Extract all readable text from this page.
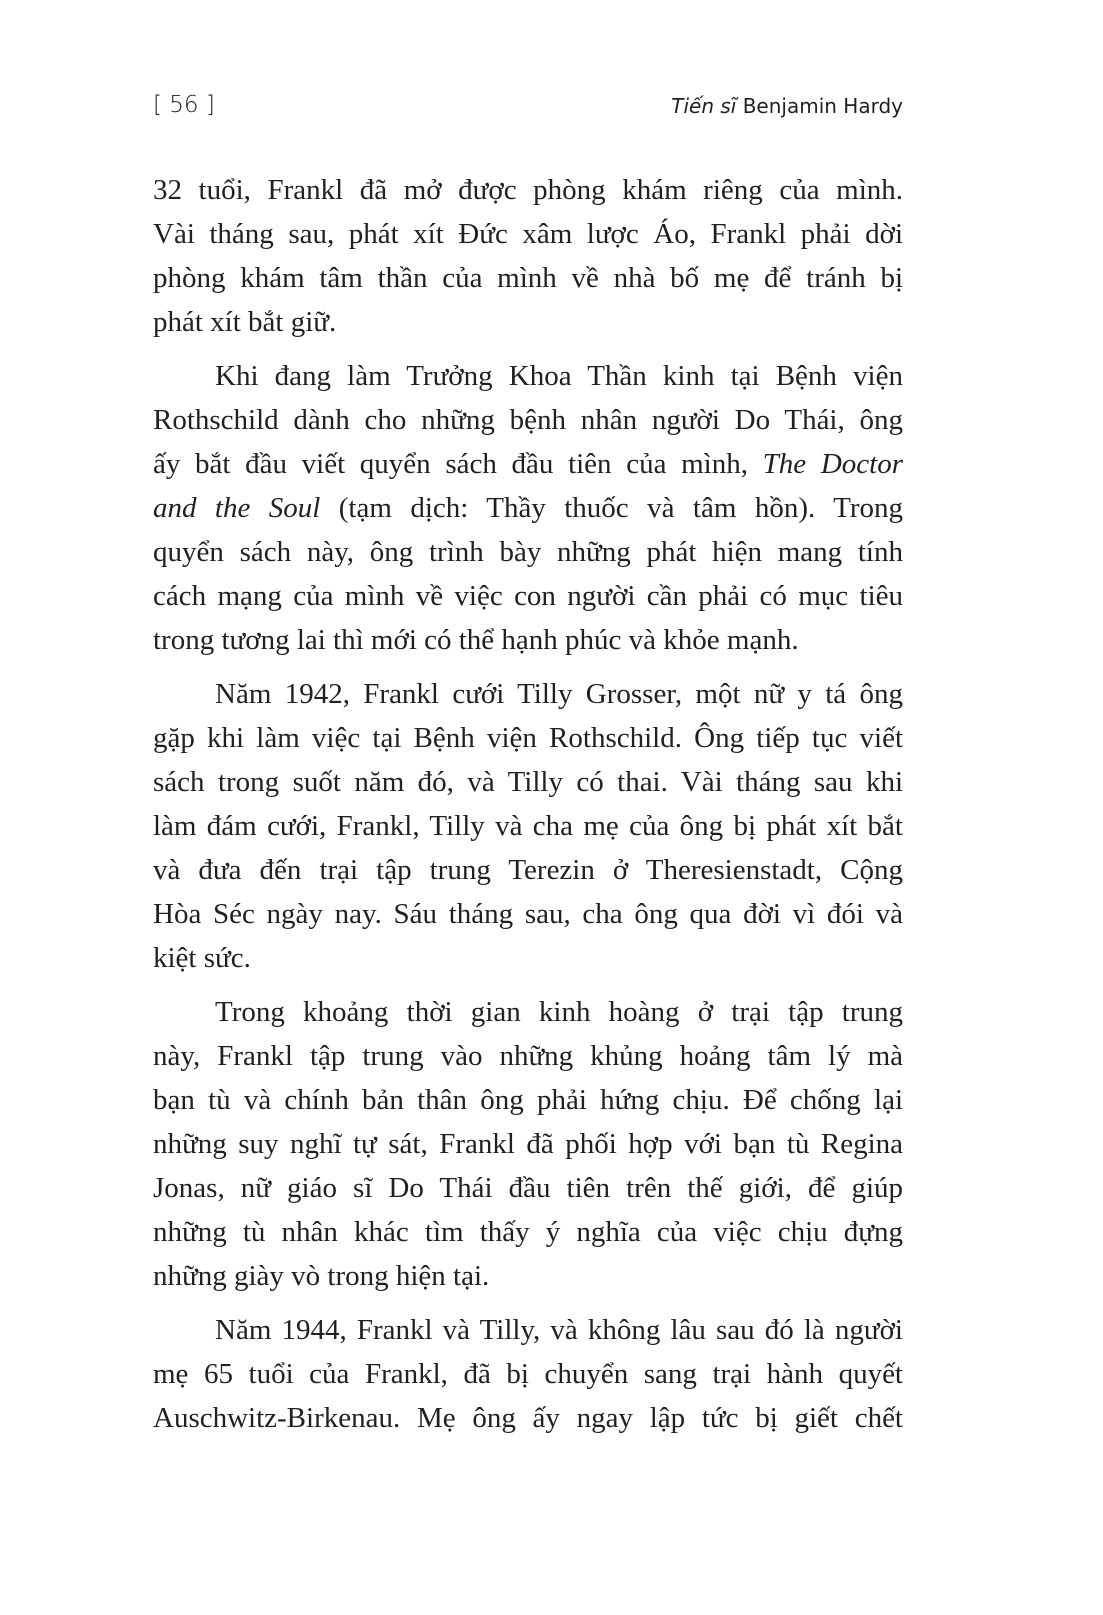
[ 56 ]	Tiến sĩ Benjamin Hardy
32 tuổi, Frankl đã mở được phòng khám riêng của mình.
Vài tháng sau, phát xít Đức xâm lược Áo, Frankl phải dời
phòng khám tâm thần của mình về nhà bố mẹ để tránh bị
phát xít bắt giữ.
Khi đang làm Trưởng Khoa Thần kinh tại Bệnh viện
Rothschild dành cho những bệnh nhân người Do Thái, ông
ấy bắt đầu viết quyển sách đầu tiên của mình, The Doctor
and the Soul (tạm dịch: Thầy thuốc và tâm hồn). Trong
quyển sách này, ông trình bày những phát hiện mang tính
cách mạng của mình về việc con người cần phải có mục tiêu
trong tương lai thì mới có thể hạnh phúc và khỏe mạnh.
Năm 1942, Frankl cưới Tilly Grosser, một nữ y tá ông
gặp khi làm việc tại Bệnh viện Rothschild. Ông tiếp tục viết
sách trong suốt năm đó, và Tilly có thai. Vài tháng sau khi
làm đám cưới, Frankl, Tilly và cha mẹ của ông bị phát xít bắt
và đưa đến trại tập trung Terezin ở Theresienstadt, Cộng
Hòa Séc ngày nay. Sáu tháng sau, cha ông qua đời vì đói và
kiệt sức.
Trong khoảng thời gian kinh hoàng ở trại tập trung
này, Frankl tập trung vào những khủng hoảng tâm lý mà
bạn tù và chính bản thân ông phải hứng chịu. Để chống lại
những suy nghĩ tự sát, Frankl đã phối hợp với bạn tù Regina
Jonas, nữ giáo sĩ Do Thái đầu tiên trên thế giới, để giúp
những tù nhân khác tìm thấy ý nghĩa của việc chịu đựng
những giày vò trong hiện tại.
Năm 1944, Frankl và Tilly, và không lâu sau đó là người
mẹ 65 tuổi của Frankl, đã bị chuyển sang trại hành quyết
Auschwitz-Birkenau. Mẹ ông ấy ngay lập tức bị giết chết
